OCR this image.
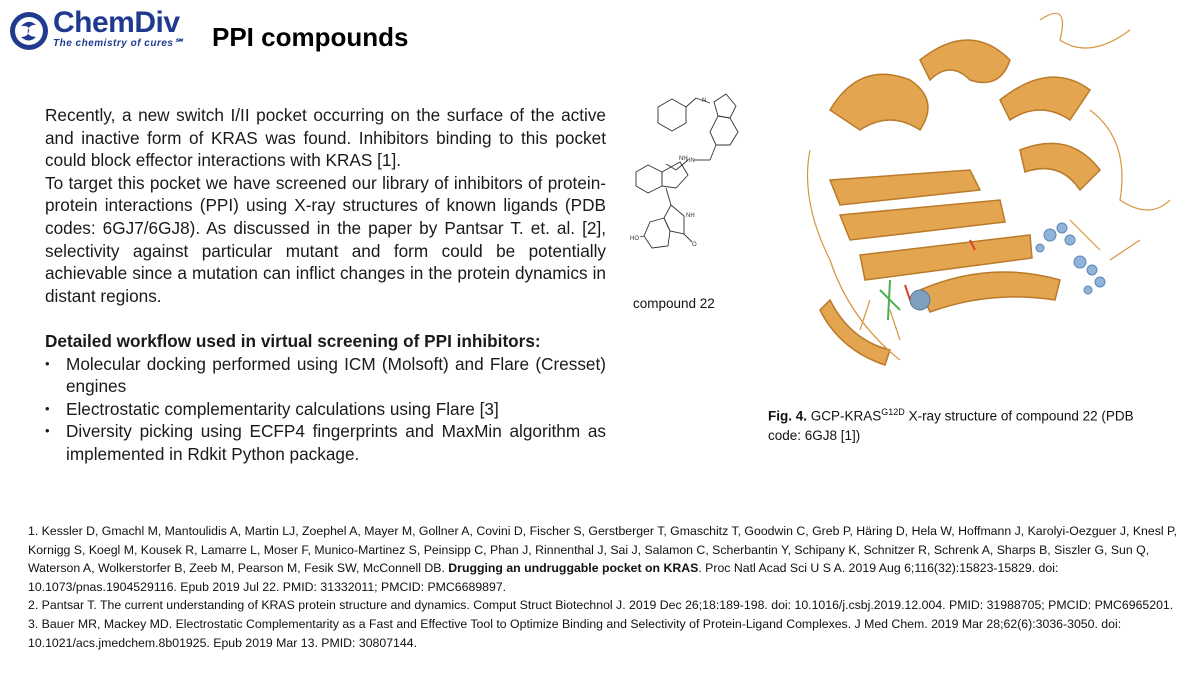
ChemDiv
The chemistry of cures℠ PPI compounds

Recently, a new switch I/II pocket occurring on the surface of the active and inactive form of KRAS was found. Inhibitors binding to this pocket could block effector interactions with KRAS [1].

To target this pocket we have screened our library of inhibitors of protein-protein interactions (PPI) using X-ray structures of known ligands (PDB codes: 6GJ7/6GJ8). As discussed in the paper by Pantsar T. et. al. [2], selectivity against particular mutant and form could be potentially achievable since a mutation can inflict changes in the protein dynamics in distant regions.

Detailed workflow used in virtual screening of PPI inhibitors:

• Molecular docking performed using ICM (Molsoft) and Flare (Cresset) engines
• Electrostatic complementarity calculations using Flare [3]
• Diversity picking using ECFP4 fingerprints and MaxMin algorithm as implemented in Rdkit Python package.
N
NH
HN
NH
HO
O
compound 22
Fig. 4. GCP-$KRAS^{G12D}$ X-ray structure of compound 22 (PDB code: 6GJ8 [1])

1. Kessler D, Gmachl M, Mantoulidis A, Martin LJ, Zoephel A, Mayer M, Gollner A, Covini D, Fischer S, Gerstberger T, Gmaschitz T, Goodwin C, Greb P, Häring D, Hela W, Hoffmann J, Karolyi-Oezguer J, Knesl P, Kornigg S, Koegl M, Kousek R, Lamarre L, Moser F, Munico-Martinez S, Peinsipp C, Phan J, Rinnenthal J, Sai J, Salamon C, Scherbantin Y, Schipany K, Schnitzer R, Schrenk A, Sharps B, Siszler G, Sun Q, Waterson A, Wolkerstorfer B, Zeeb M, Pearson M, Fesik SW, McConnell DB. Drugging an undruggable pocket on KRAS. Proc Natl Acad Sci U S A. 2019 Aug 6;116(32):15823-15829. doi: 10.1073/pnas.1904529116. Epub 2019 Jul 22. PMID: 31332011; PMCID: PMC6689897.

2. Pantsar T. The current understanding of KRAS protein structure and dynamics. Comput Struct Biotechnol J. 2019 Dec 26;18:189-198. doi: 10.1016/j.csbj.2019.12.004. PMID: 31988705; PMCID: PMC6965201.

3. Bauer MR, Mackey MD. Electrostatic Complementarity as a Fast and Effective Tool to Optimize Binding and Selectivity of Protein-Ligand Complexes. J Med Chem. 2019 Mar 28;62(6):3036-3050. doi: 10.1021/acs.jmedchem.8b01925. Epub 2019 Mar 13. PMID: 30807144.
